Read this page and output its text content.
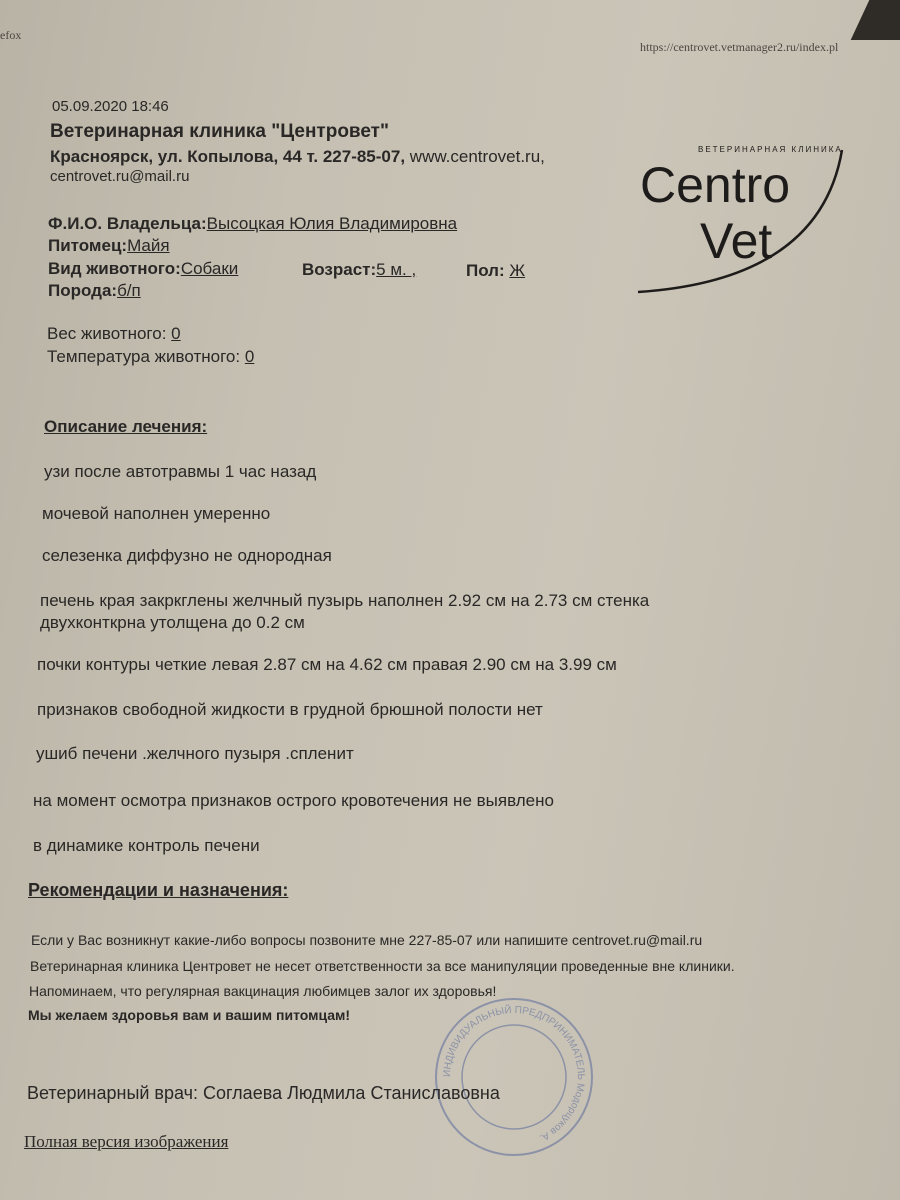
efox
https://centrovet.vetmanager2.ru/index.pl
05.09.2020 18:46
Ветеринарная клиника "Центровет"
Красноярск, ул. Копылова, 44 т. 227-85-07, www.centrovet.ru,
centrovet.ru@mail.ru
ВЕТЕРИНАРНАЯ КЛИНИКА
Centro
Vet
Ф.И.О. Владельца:Высоцкая Юлия Владимировна
Питомец:Майя
Вид животного:Собаки	Возраст:5 м. ,	Пол: Ж
Порода:б/п
Вес животного: 0
Температура животного: 0
Описание лечения:
узи после автотравмы 1 час назад
мочевой наполнен умеренно
селезенка диффузно не однородная
печень края закркглены желчный пузырь наполнен 2.92 см на 2.73 см стенка
двухконткрна утолщена до 0.2 см
почки контуры четкие левая 2.87 см на 4.62 см правая 2.90 см на 3.99 см
признаков свободной жидкости в грудной брюшной полости нет
ушиб печени .желчного пузыря .спленит
на момент осмотра признаков острого кровотечения не выявлено
в динамике контроль печени
Рекомендации и назначения:
Если у Вас возникнут какие-либо вопросы позвоните мне 227-85-07 или напишите centrovet.ru@mail.ru
Ветеринарная клиника Центровет не несет ответственности за все манипуляции проведенные вне клиники.
Напоминаем, что регулярная вакцинация любимцев залог их здоровья!
Мы желаем здоровья вам и вашим питомцам!
ИНДИВИДУАЛЬНЫЙ ПРЕДПРИНИМАТЕЛЬ Модорцуков А.
Ветеринарный врач: Соглаева Людмила Станиславовна
Полная версия изображения
